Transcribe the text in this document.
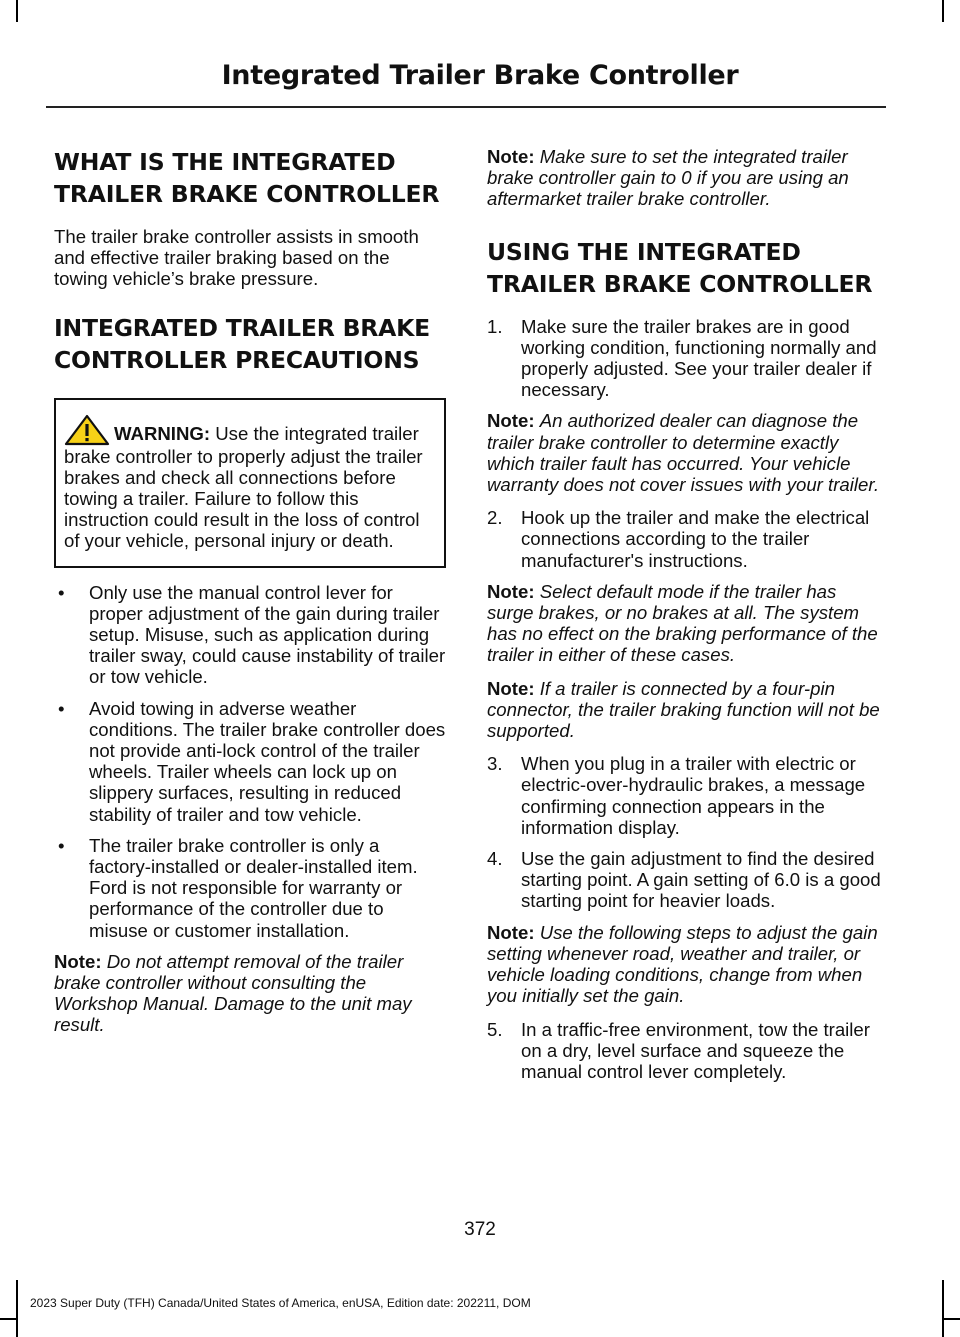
Integrated Trailer Brake Controller
WHAT IS THE INTEGRATED
TRAILER BRAKE CONTROLLER

The trailer brake controller assists in smooth and effective trailer braking based on the towing vehicle’s brake pressure.

INTEGRATED TRAILER BRAKE
CONTROLLER PRECAUTIONS
WARNING: Use the integrated trailer brake controller to properly adjust the trailer brakes and check all connections before towing a trailer. Failure to follow this instruction could result in the loss of control of your vehicle, personal injury or death.
• Only use the manual control lever for proper adjustment of the gain during trailer setup. Misuse, such as application during trailer sway, could cause instability of trailer or tow vehicle.
• Avoid towing in adverse weather conditions. The trailer brake controller does not provide anti-lock control of the trailer wheels. Trailer wheels can lock up on slippery surfaces, resulting in reduced stability of trailer and tow vehicle.
• The trailer brake controller is only a factory-installed or dealer-installed item. Ford is not responsible for warranty or performance of the controller due to misuse or customer installation.

Note: Do not attempt removal of the trailer brake controller without consulting the Workshop Manual. Damage to the unit may result.

Note: Make sure to set the integrated trailer brake controller gain to 0 if you are using an aftermarket trailer brake controller.

USING THE INTEGRATED
TRAILER BRAKE CONTROLLER
1. Make sure the trailer brakes are in good working condition, functioning normally and properly adjusted. See your trailer dealer if necessary.

Note: An authorized dealer can diagnose the trailer brake controller to determine exactly which trailer fault has occurred. Your vehicle warranty does not cover issues with your trailer.

2. Hook up the trailer and make the electrical connections according to the trailer manufacturer's instructions.

Note: Select default mode if the trailer has surge brakes, or no brakes at all. The system has no effect on the braking performance of the trailer in either of these cases.

Note: If a trailer is connected by a four-pin connector, the trailer braking function will not be supported.

3. When you plug in a trailer with electric or electric-over-hydraulic brakes, a message confirming connection appears in the information display.
4. Use the gain adjustment to find the desired starting point. A gain setting of 6.0 is a good starting point for heavier loads.

Note: Use the following steps to adjust the gain setting whenever road, weather and trailer, or vehicle loading conditions, change from when you initially set the gain.

5. In a traffic-free environment, tow the trailer on a dry, level surface and squeeze the manual control lever completely.
372
2023 Super Duty (TFH) Canada/United States of America, enUSA, Edition date: 202211, DOM
